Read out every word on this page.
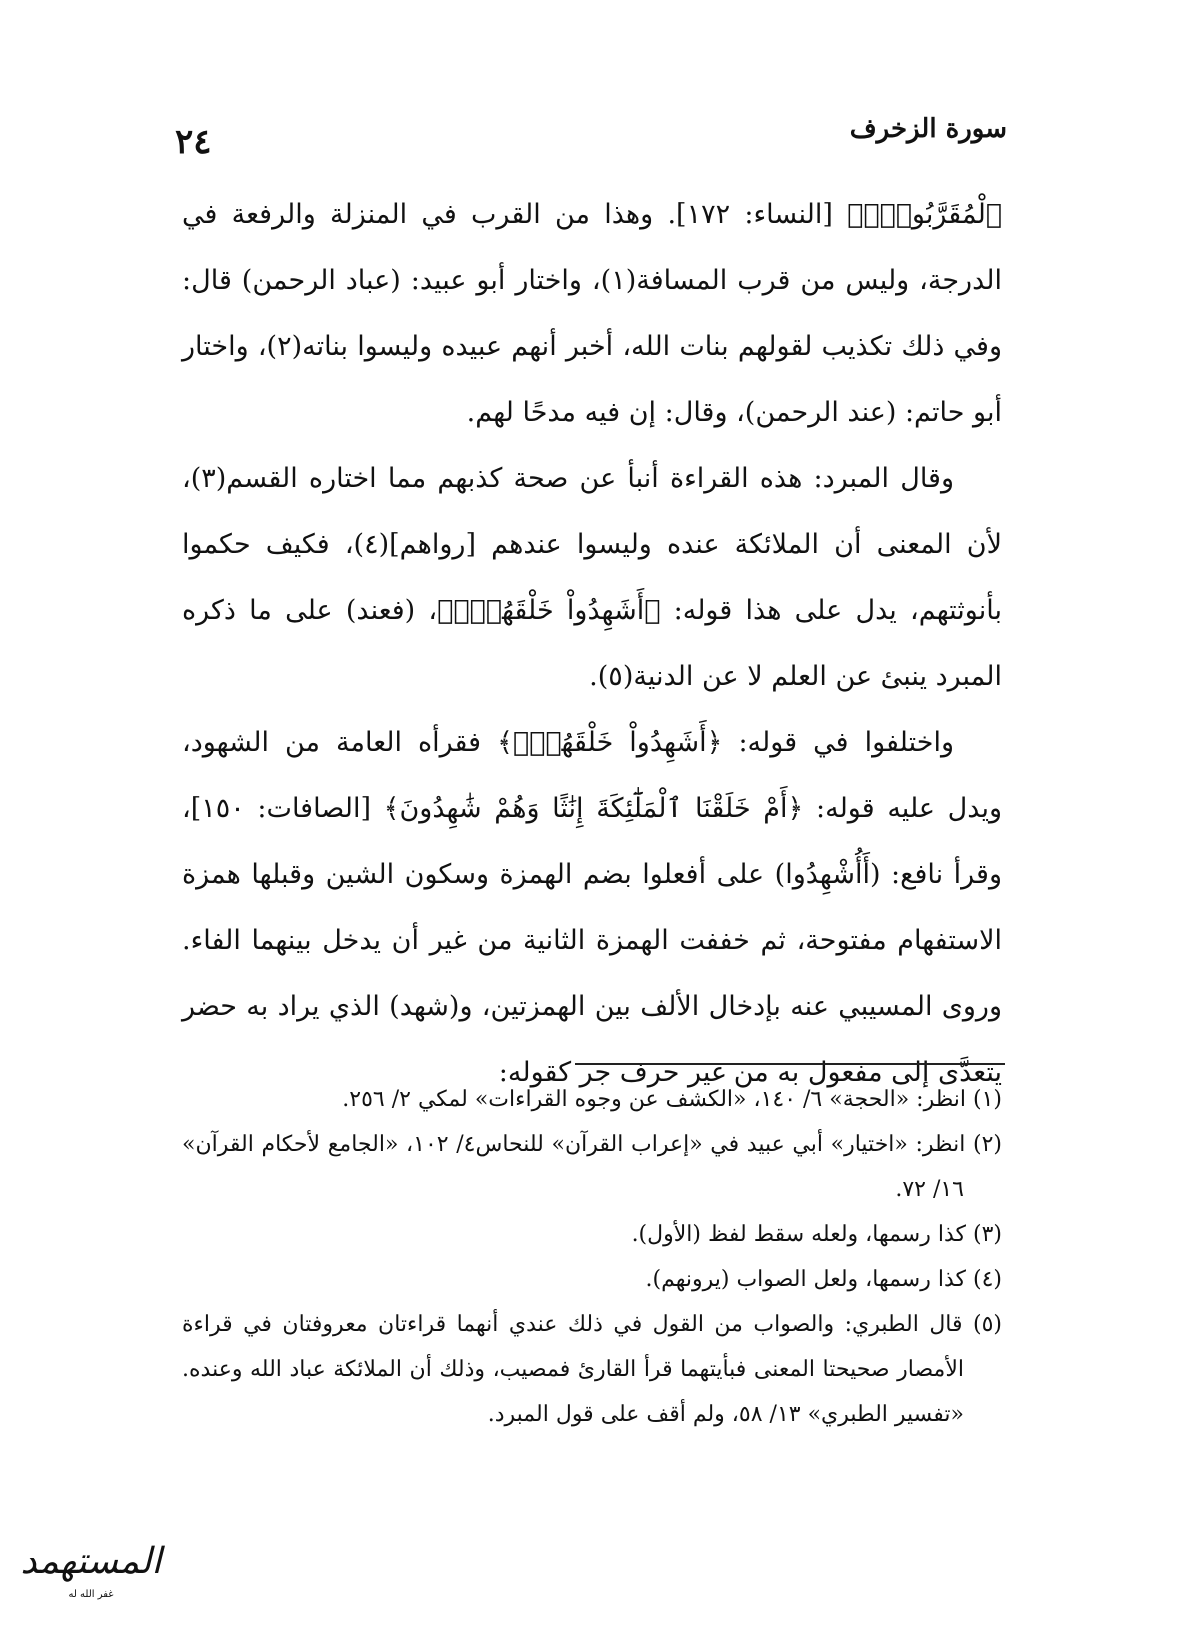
سورة الزخرف
٢٤

ٱلْمُقَرَّبُونَۚ﴾ [النساء: ١٧٢]. وهذا من القرب في المنزلة والرفعة في الدرجة، وليس من قرب المسافة(١)، واختار أبو عبيد: (عباد الرحمن) قال: وفي ذلك تكذيب لقولهم بنات الله، أخبر أنهم عبيده وليسوا بناته(٢)، واختار أبو حاتم: (عند الرحمن)، وقال: إن فيه مدحًا لهم.

وقال المبرد: هذه القراءة أنبأ عن صحة كذبهم مما اختاره القسم(٣)، لأن المعنى أن الملائكة عنده وليسوا عندهم [رواهم](٤)، فكيف حكموا بأنوثتهم، يدل على هذا قوله: ﴿أَشَهِدُواْ خَلْقَهُمْۚ﴾، (فعند) على ما ذكره المبرد ينبئ عن العلم لا عن الدنية(٥).

واختلفوا في قوله: ﴿أَشَهِدُواْ خَلْقَهُمْۚ﴾ فقرأه العامة من الشهود، ويدل عليه قوله: ﴿أَمْ خَلَقْنَا ٱلْمَلَٰٓئِكَةَ إِنَٰثًا وَهُمْ شَٰهِدُونَ﴾ [الصافات: ١٥٠]، وقرأ نافع: (أَأُشْهِدُوا) على أفعلوا بضم الهمزة وسكون الشين وقبلها همزة الاستفهام مفتوحة، ثم خففت الهمزة الثانية من غير أن يدخل بينهما الفاء. وروى المسيبي عنه بإدخال الألف بين الهمزتين، و(شهد) الذي يراد به حضر يتعدَّى إلى مفعول به من غير حرف جر كقوله:

(١) انظر: «الحجة» ٦/ ١٤٠، «الكشف عن وجوه القراءات» لمكي ٢/ ٢٥٦.

(٢) انظر: «اختيار» أبي عبيد في «إعراب القرآن» للنحاس٤/ ١٠٢، «الجامع لأحكام القرآن» ١٦/ ٧٢.

(٣) كذا رسمها، ولعله سقط لفظ (الأول).

(٤) كذا رسمها، ولعل الصواب (يرونهم).

(٥) قال الطبري: والصواب من القول في ذلك عندي أنهما قراءتان معروفتان في قراءة الأمصار صحيحتا المعنى فبأيتهما قرأ القارئ فمصيب، وذلك أن الملائكة عباد الله وعنده. «تفسير الطبري» ١٣/ ٥٨، ولم أقف على قول المبرد.

المستهمد
غفر الله له
